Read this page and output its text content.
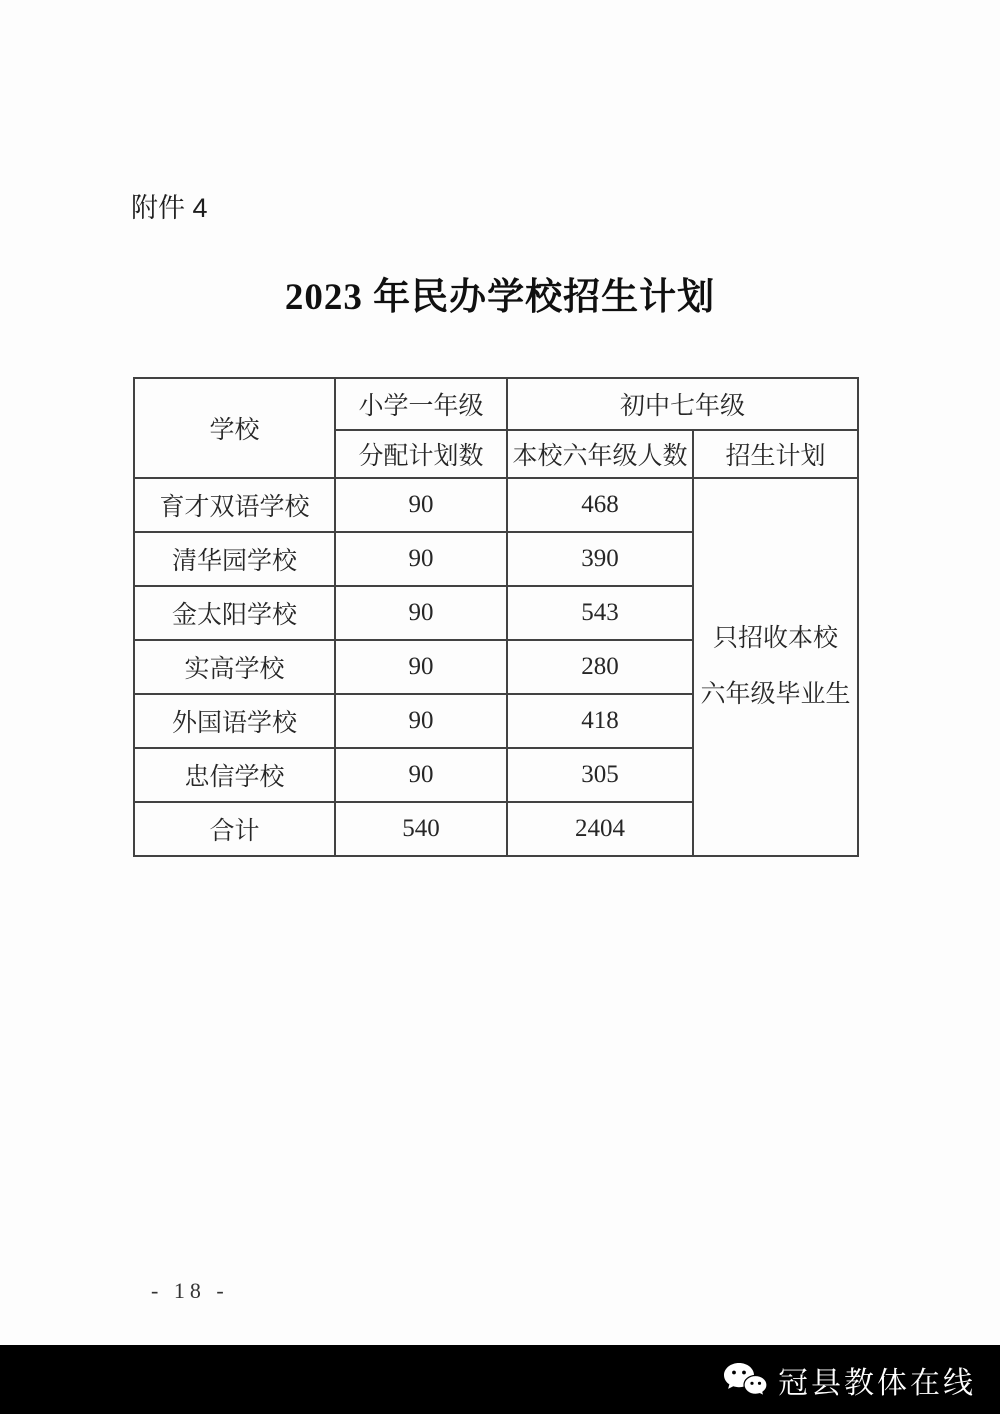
附件 4
2023 年民办学校招生计划
学校	小学一年级	初中七年级	
	分配计划数	本校六年级人数	招生计划
育才双语学校	90	468	只招收本校
六年级毕业生

清华园学校	90	390	
金太阳学校	90	543	
实高学校	90	280	
外国语学校	90	418	
忠信学校	90	305	
合计	540	2404	
- 18 -
冠县教体在线
